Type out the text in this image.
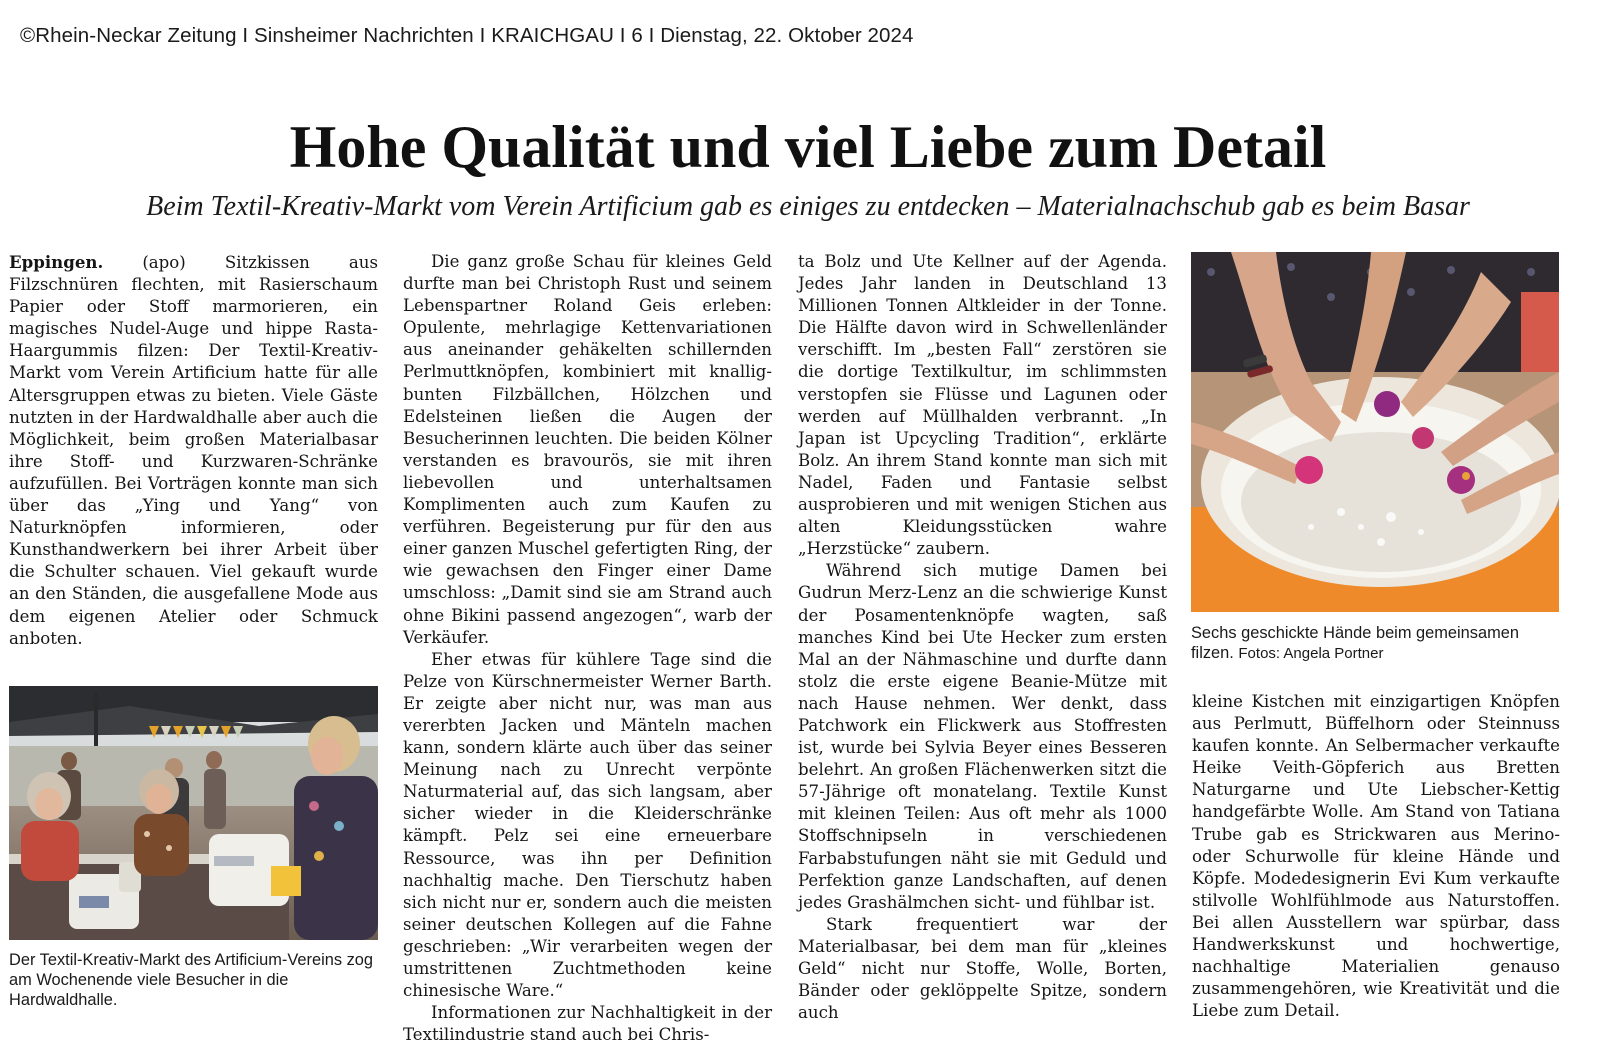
©Rhein-Neckar Zeitung I Sinsheimer Nachrichten I KRAICHGAU I 6 I Dienstag, 22. Oktober 2024
Hohe Qualität und viel Liebe zum Detail
Beim Textil-Kreativ-Markt vom Verein Artificium gab es einiges zu entdecken – Materialnachschub gab es beim Basar

Eppingen. (apo) Sitzkissen aus Filzschnüren flechten, mit Rasierschaum Papier oder Stoff marmorieren, ein magisches Nudel-Auge und hippe Rasta-Haargummis filzen: Der Textil-Kreativ-Markt vom Verein Artificium hatte für alle Altersgruppen etwas zu bieten. Viele Gäste nutzten in der Hardwaldhalle aber auch die Möglichkeit, beim großen Materialbasar ihre Stoff- und Kurzwaren-Schränke aufzufüllen. Bei Vorträgen konnte man sich über das „Ying und Yang“ von Naturknöpfen informieren, oder Kunsthandwerkern bei ihrer Arbeit über die Schulter schauen. Viel gekauft wurde an den Ständen, die ausgefallene Mode aus dem eigenen Atelier oder Schmuck anboten.

Der Textil-Kreativ-Markt des Artificium-Vereins zog am Wochenende viele Besucher in die Hardwaldhalle.

Die ganz große Schau für kleines Geld durfte man bei Christoph Rust und seinem Lebenspartner Roland Geis erleben: Opulente, mehrlagige Kettenvariationen aus aneinander gehäkelten schillernden Perlmuttknöpfen, kombiniert mit knallig-bunten Filzbällchen, Hölzchen und Edelsteinen ließen die Augen der Besucherinnen leuchten. Die beiden Kölner verstanden es bravourös, sie mit ihren liebevollen und unterhaltsamen Komplimenten auch zum Kaufen zu verführen. Begeisterung pur für den aus einer ganzen Muschel gefertigten Ring, der wie gewachsen den Finger einer Dame umschloss: „Damit sind sie am Strand auch ohne Bikini passend angezogen“, warb der Verkäufer.

Eher etwas für kühlere Tage sind die Pelze von Kürschnermeister Werner Barth. Er zeigte aber nicht nur, was man aus vererbten Jacken und Mänteln machen kann, sondern klärte auch über das seiner Meinung nach zu Unrecht verpönte Naturmaterial auf, das sich langsam, aber sicher wieder in die Kleiderschränke kämpft. Pelz sei eine erneuerbare Ressource, was ihn per Definition nachhaltig mache. Den Tierschutz haben sich nicht nur er, sondern auch die meisten seiner deutschen Kollegen auf die Fahne geschrieben: „Wir verarbeiten wegen der umstrittenen Zuchtmethoden keine chinesische Ware.“

Informationen zur Nachhaltigkeit in der Textilindustrie stand auch bei Chris-

ta Bolz und Ute Kellner auf der Agenda. Jedes Jahr landen in Deutschland 13 Millionen Tonnen Altkleider in der Tonne. Die Hälfte davon wird in Schwellenländer verschifft. Im „besten Fall“ zerstören sie die dortige Textilkultur, im schlimmsten verstopfen sie Flüsse und Lagunen oder werden auf Müllhalden verbrannt. „In Japan ist Upcycling Tradition“, erklärte Bolz. An ihrem Stand konnte man sich mit Nadel, Faden und Fantasie selbst ausprobieren und mit wenigen Stichen aus alten Kleidungsstücken wahre „Herzstücke“ zaubern.

Während sich mutige Damen bei Gudrun Merz-Lenz an die schwierige Kunst der Posamentenknöpfe wagten, saß manches Kind bei Ute Hecker zum ersten Mal an der Nähmaschine und durfte dann stolz die erste eigene Beanie-Mütze mit nach Hause nehmen. Wer denkt, dass Patchwork ein Flickwerk aus Stoffresten ist, wurde bei Sylvia Beyer eines Besseren belehrt. An großen Flächenwerken sitzt die 57-Jährige oft monatelang. Textile Kunst mit kleinen Teilen: Aus oft mehr als 1000 Stoffschnipseln in verschiedenen Farbabstufungen näht sie mit Geduld und Perfektion ganze Landschaften, auf denen jedes Grashälmchen sicht- und fühlbar ist.

Stark frequentiert war der Materialbasar, bei dem man für „kleines Geld“ nicht nur Stoffe, Wolle, Borten, Bänder oder geklöppelte Spitze, sondern auch

Sechs geschickte Hände beim gemeinsamen filzen. Fotos: Angela Portner

kleine Kistchen mit einzigartigen Knöpfen aus Perlmutt, Büffelhorn oder Steinnuss kaufen konnte. An Selbermacher verkaufte Heike Veith-Göpferich aus Bretten Naturgarne und Ute Liebscher-Kettig handgefärbte Wolle. Am Stand von Tatiana Trube gab es Strickwaren aus Merino- oder Schurwolle für kleine Hände und Köpfe. Modedesignerin Evi Kum verkaufte stilvolle Wohlfühlmode aus Naturstoffen. Bei allen Ausstellern war spürbar, dass Handwerkskunst und hochwertige, nachhaltige Materialien genauso zusammengehören, wie Kreativität und die Liebe zum Detail.
